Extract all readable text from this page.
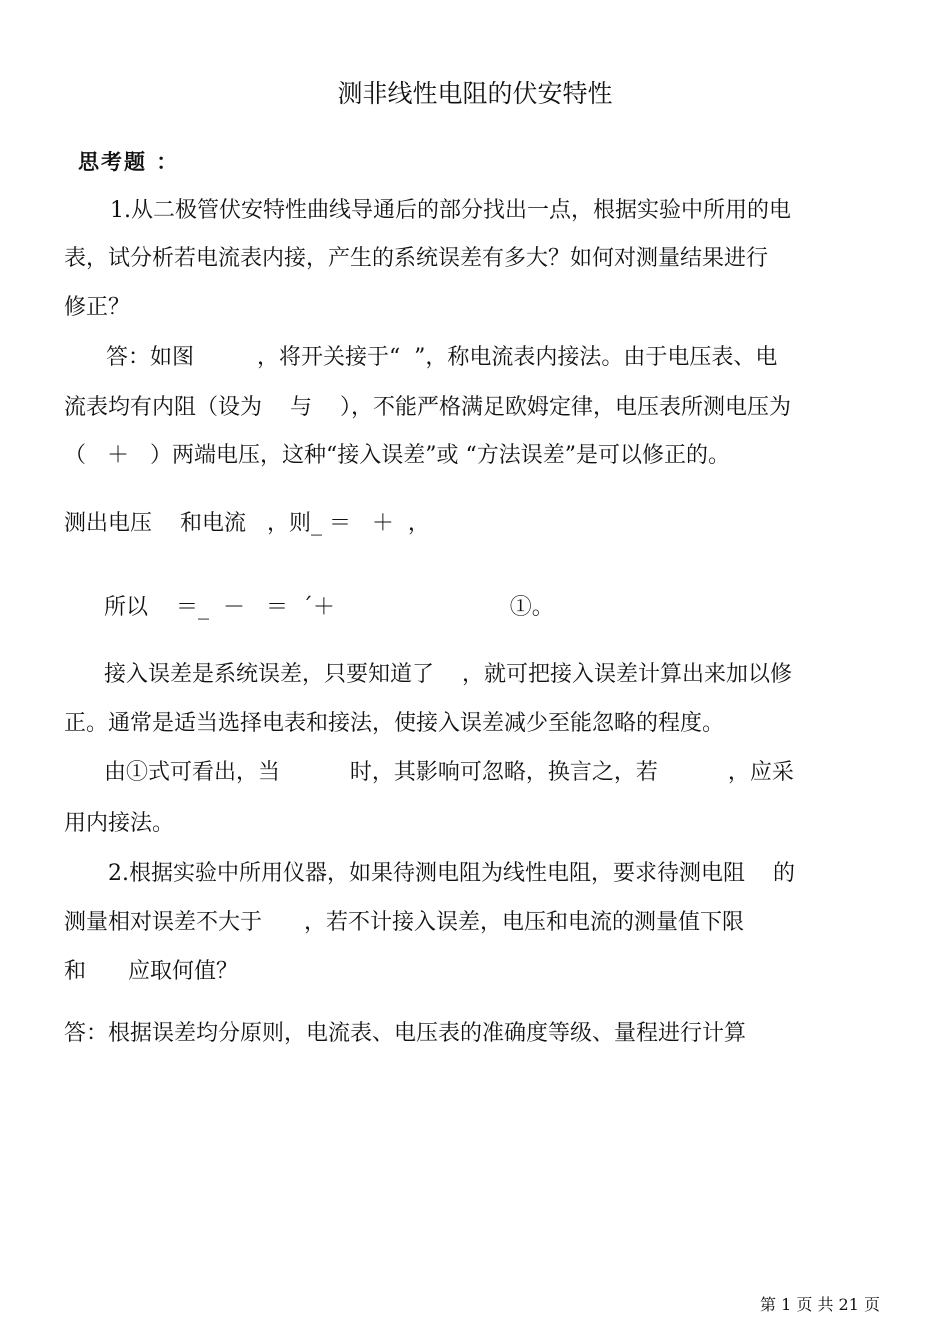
测非线性电阻的伏安特性
思考题 ：
1.从二极管伏安特性曲线导通后的部分找出一点，根据实验中所用的电
表，试分析若电流表内接，产生的系统误差有多大？如何对测量结果进行
修正？
答：如图         ，将开关接于“  ”，称电流表内接法。由于电压表、电
流表均有内阻（设为    与    ），不能严格满足欧姆定律，电压表所测电压为
（   ＋   ）两端电压，这种“接入误差”或 “方法误差”是可以修正的。
测出电压    和电流   ，则_ ＝   ＋  ，
所以    ＝_  －   ＝  ´＋                         ①。
接入误差是系统误差，只要知道了    ，就可把接入误差计算出来加以修
正。通常是适当选择电表和接法，使接入误差减少至能忽略的程度。
由①式可看出，当          时，其影响可忽略，换言之，若          ，应采
用内接法。
2.根据实验中所用仪器，如果待测电阻为线性电阻，要求待测电阻    的
测量相对误差不大于      ，若不计接入误差，电压和电流的测量值下限
和      应取何值？
答：根据误差均分原则，电流表、电压表的准确度等级、量程进行计算
第 1 页 共 21 页
